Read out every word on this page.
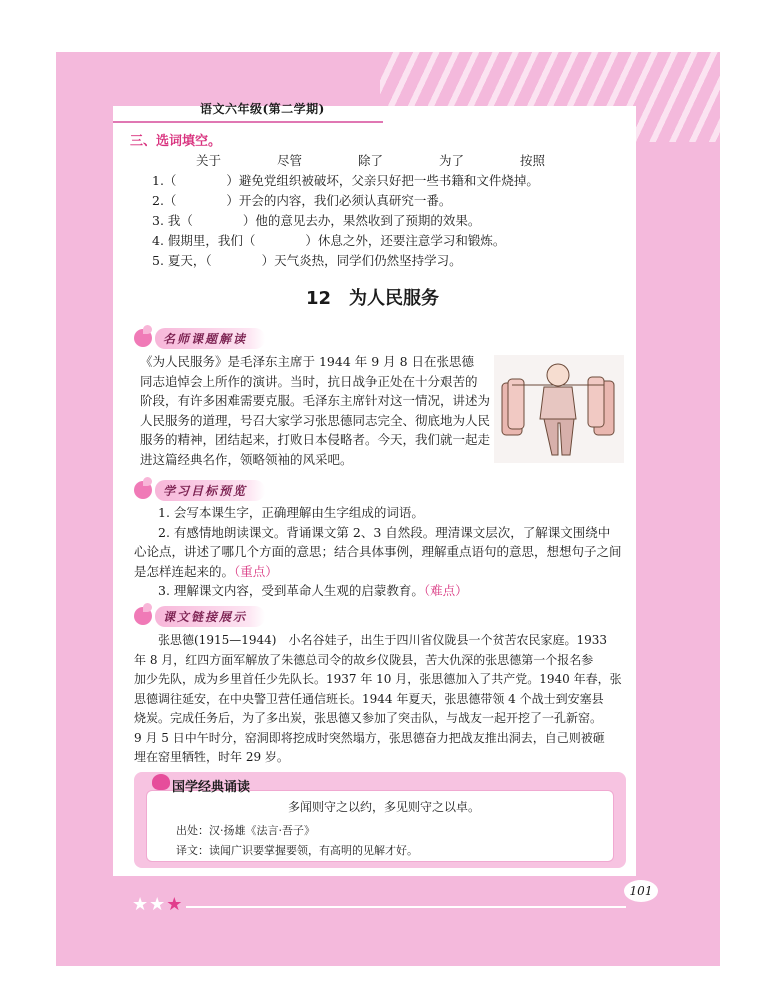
语文六年级(第二学期)
三、选词填空。
关于	尽管	除了	为了	按照
1.（　　　　）避免党组织被破坏，父亲只好把一些书籍和文件烧掉。
2.（　　　　）开会的内容，我们必须认真研究一番。
3. 我（　　　　）他的意见去办，果然收到了预期的效果。
4. 假期里，我们（　　　　）休息之外，还要注意学习和锻炼。
5. 夏天，（　　　　）天气炎热，同学们仍然坚持学习。
12　为人民服务
名师课题解读
《为人民服务》是毛泽东主席于 1944 年 9 月 8 日在张思德
同志追悼会上所作的演讲。当时，抗日战争正处在十分艰苦的
阶段，有许多困难需要克服。毛泽东主席针对这一情况，讲述为
人民服务的道理，号召大家学习张思德同志完全、彻底地为人民
服务的精神，团结起来，打败日本侵略者。今天，我们就一起走
进这篇经典名作，领略领袖的风采吧。
学习目标预览
1. 会写本课生字，正确理解由生字组成的词语。
2. 有感情地朗读课文。背诵课文第 2、3 自然段。理清课文层次，了解课文围绕中
心论点，讲述了哪几个方面的意思；结合具体事例，理解重点语句的意思，想想句子之间
是怎样连起来的。（重点）
3. 理解课文内容，受到革命人生观的启蒙教育。（难点）
课文链接展示
张思德(1915—1944)　小名谷娃子，出生于四川省仪陇县一个贫苦农民家庭。1933
年 8 月，红四方面军解放了朱德总司令的故乡仪陇县，苦大仇深的张思德第一个报名参
加少先队，成为乡里首任少先队长。1937 年 10 月，张思德加入了共产党。1940 年春，张
思德调往延安，在中央警卫营任通信班长。1944 年夏天，张思德带领 4 个战士到安塞县
烧炭。完成任务后，为了多出炭，张思德又参加了突击队，与战友一起开挖了一孔新窑。
9 月 5 日中午时分，窑洞即将挖成时突然塌方，张思德奋力把战友推出洞去，自己则被砸
埋在窑里牺牲，时年 29 岁。
国学经典诵读
多闻则守之以约，多见则守之以卓。
出处：汉·扬雄《法言·吾子》
译文：读闻广识要掌握要领，有高明的见解才好。
★★★
101
